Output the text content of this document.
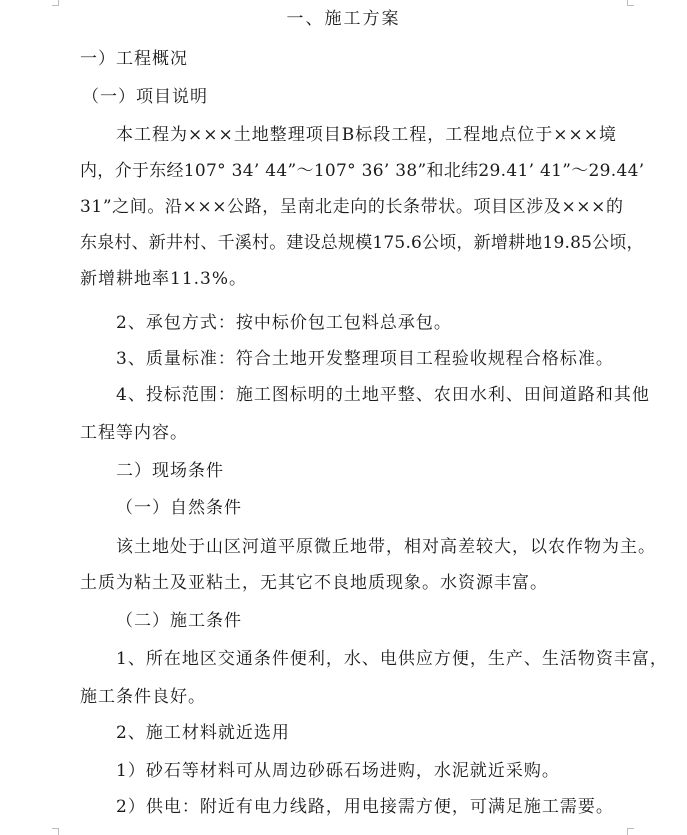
一、施工方案
一）工程概况
（一）项目说明
本工程为×××土地整理项目B标段工程，工程地点位于×××境
内，介于东经107° 34’ 44”～107° 36’ 38”和北纬29.41’ 41”～29.44’
31”之间。沿×××公路，呈南北走向的长条带状。项目区涉及×××的
东泉村、新井村、千溪村。建设总规模175.6公顷，新增耕地19.85公顷，
新增耕地率11.3%。
2、承包方式：按中标价包工包料总承包。
3、质量标准：符合土地开发整理项目工程验收规程合格标准。
4、投标范围：施工图标明的土地平整、农田水利、田间道路和其他
工程等内容。
二）现场条件
（一）自然条件
该土地处于山区河道平原微丘地带，相对高差较大，以农作物为主。
土质为粘土及亚粘土，无其它不良地质现象。水资源丰富。
（二）施工条件
1、所在地区交通条件便利，水、电供应方便，生产、生活物资丰富，
施工条件良好。
2、施工材料就近选用
1）砂石等材料可从周边砂砾石场进购，水泥就近采购。
2）供电：附近有电力线路，用电接需方便，可满足施工需要。
